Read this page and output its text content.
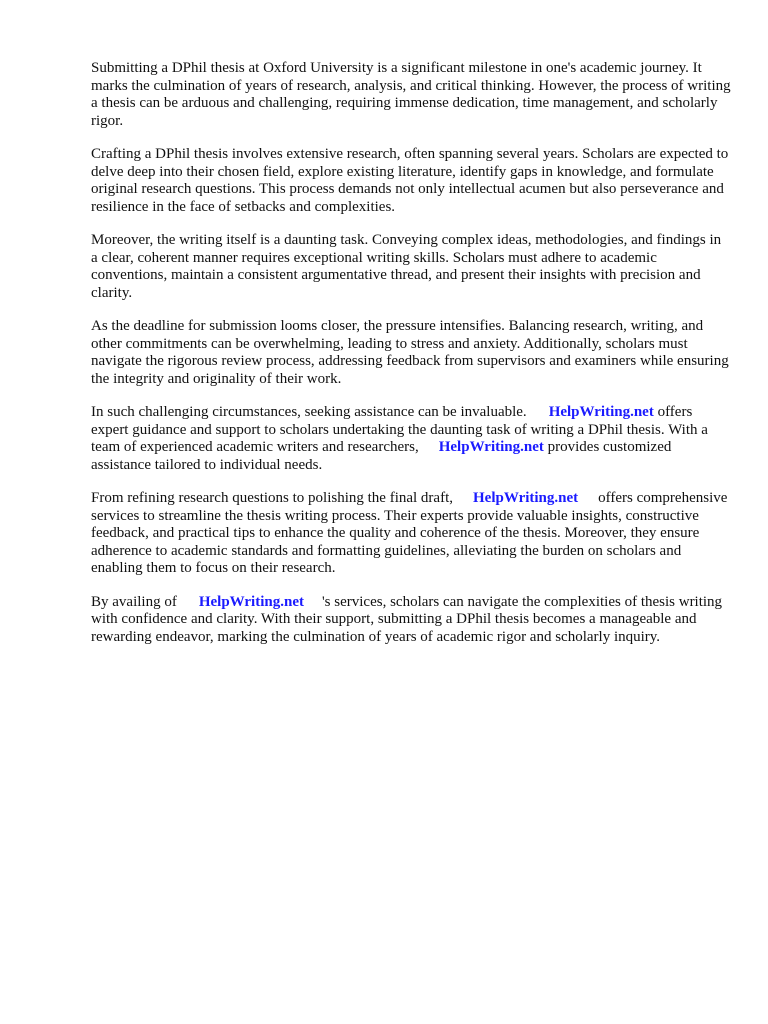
Submitting a DPhil thesis at Oxford University is a significant milestone in one's academic journey. It marks the culmination of years of research, analysis, and critical thinking. However, the process of writing a thesis can be arduous and challenging, requiring immense dedication, time management, and scholarly rigor.

Crafting a DPhil thesis involves extensive research, often spanning several years. Scholars are expected to delve deep into their chosen field, explore existing literature, identify gaps in knowledge, and formulate original research questions. This process demands not only intellectual acumen but also perseverance and resilience in the face of setbacks and complexities.

Moreover, the writing itself is a daunting task. Conveying complex ideas, methodologies, and findings in a clear, coherent manner requires exceptional writing skills. Scholars must adhere to academic conventions, maintain a consistent argumentative thread, and present their insights with precision and clarity.

As the deadline for submission looms closer, the pressure intensifies. Balancing research, writing, and other commitments can be overwhelming, leading to stress and anxiety. Additionally, scholars must navigate the rigorous review process, addressing feedback from supervisors and examiners while ensuring the integrity and originality of their work.

In such challenging circumstances, seeking assistance can be invaluable. HelpWriting.net offers expert guidance and support to scholars undertaking the daunting task of writing a DPhil thesis. With a team of experienced academic writers and researchers, HelpWriting.net provides customized assistance tailored to individual needs.

From refining research questions to polishing the final draft, HelpWriting.net offers comprehensive services to streamline the thesis writing process. Their experts provide valuable insights, constructive feedback, and practical tips to enhance the quality and coherence of the thesis. Moreover, they ensure adherence to academic standards and formatting guidelines, alleviating the burden on scholars and enabling them to focus on their research.

By availing of HelpWriting.net 's services, scholars can navigate the complexities of thesis writing with confidence and clarity. With their support, submitting a DPhil thesis becomes a manageable and rewarding endeavor, marking the culmination of years of academic rigor and scholarly inquiry.
